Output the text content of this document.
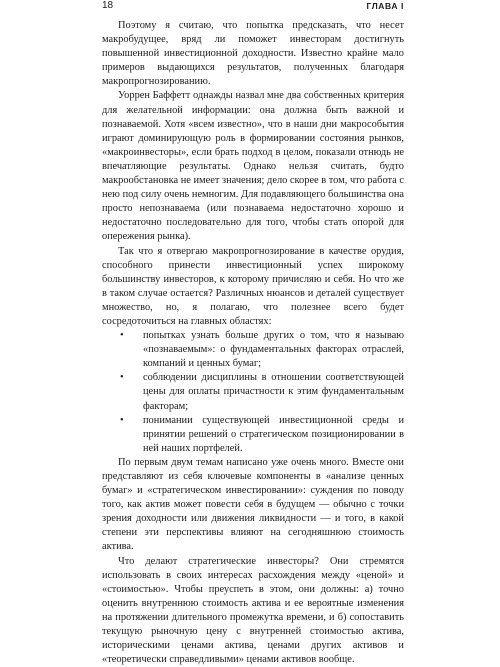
18	ГЛАВА I

Поэтому я считаю, что попытка предсказать, что несет макробудущее, вряд ли поможет инвесторам достигнуть повышенной инвестиционной доходности. Известно крайне мало примеров выдающихся результатов, полученных благодаря макропрогнозированию.

Уоррен Баффетт однажды назвал мне два собственных критерия для желательной информации: она должна быть важной и познаваемой. Хотя «всем известно», что в наши дни макрособытия играют доминирующую роль в формировании состояния рынков, «макроинвесторы», если брать подход в целом, показали отнюдь не впечатляющие результаты. Однако нельзя считать, будто макрообстановка не имеет значения; дело скорее в том, что работа с нею под силу очень немногим. Для подавляющего большинства она просто непознаваема (или познаваема недостаточно хорошо и недостаточно последовательно для того, чтобы стать опорой для опережения рынка).

Так что я отвергаю макропрогнозирование в качестве орудия, способного принести инвестиционный успех широкому большинству инвесторов, к которому причисляю и себя. Но что же в таком случае остается? Различных нюансов и деталей существует множество, но, я полагаю, что полезнее всего будет сосредоточиться на главных областях:

• попытках узнать больше других о том, что я называю «познаваемым»: о фундаментальных факторах отраслей, компаний и ценных бумаг;
• соблюдении дисциплины в отношении соответствующей цены для оплаты причастности к этим фундаментальным факторам;
• понимании существующей инвестиционной среды и принятии решений о стратегическом позиционировании в ней наших портфелей.

По первым двум темам написано уже очень много. Вместе они представляют из себя ключевые компоненты в «анализе ценных бумаг» и «стратегическом инвестировании»: суждения по поводу того, как актив может повести себя в будущем — обычно с точки зрения доходности или движения ликвидности — и того, в какой степени эти перспективы влияют на сегодняшнюю стоимость актива.

Что делают стратегические инвесторы? Они стремятся использовать в своих интересах расхождения между «ценой» и «стоимостью». Чтобы преуспеть в этом, они должны: а) точно оценить внутреннюю стоимость актива и ее вероятные изменения на протяжении длительного промежутка времени, и б) сопоставить текущую рыночную цену с внутренней стоимостью актива, историческими ценами актива, ценами других активов и «теоретически справедливыми» ценами активов вообще.
